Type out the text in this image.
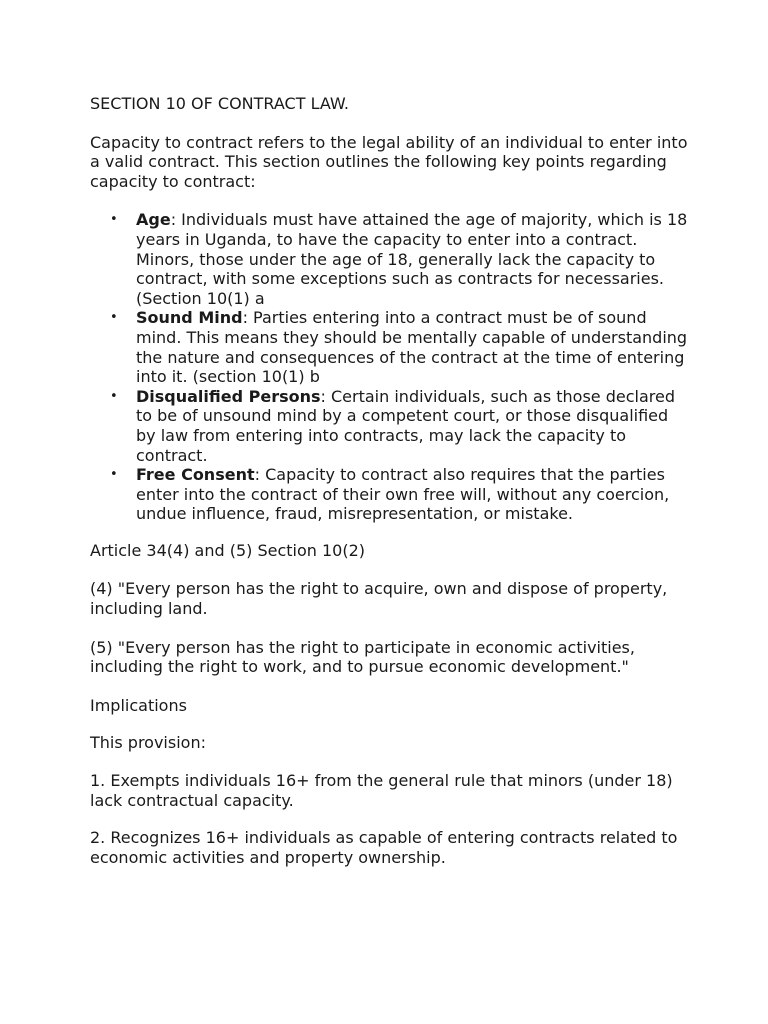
SECTION 10 OF CONTRACT LAW.

Capacity to contract refers to the legal ability of an individual to enter into a valid contract. This section outlines the following key points regarding capacity to contract:

• Age: Individuals must have attained the age of majority, which is 18 years in Uganda, to have the capacity to enter into a contract. Minors, those under the age of 18, generally lack the capacity to contract, with some exceptions such as contracts for necessaries. (Section 10(1) a
• Sound Mind: Parties entering into a contract must be of sound mind. This means they should be mentally capable of understanding the nature and consequences of the contract at the time of entering into it. (section 10(1) b
• Disqualified Persons: Certain individuals, such as those declared to be of unsound mind by a competent court, or those disqualified by law from entering into contracts, may lack the capacity to contract.
• Free Consent: Capacity to contract also requires that the parties enter into the contract of their own free will, without any coercion, undue influence, fraud, misrepresentation, or mistake.

Article 34(4) and (5) Section 10(2)

(4) "Every person has the right to acquire, own and dispose of property, including land.

(5) "Every person has the right to participate in economic activities, including the right to work, and to pursue economic development."

Implications

This provision:

1. Exempts individuals 16+ from the general rule that minors (under 18) lack contractual capacity.

2. Recognizes 16+ individuals as capable of entering contracts related to economic activities and property ownership.
